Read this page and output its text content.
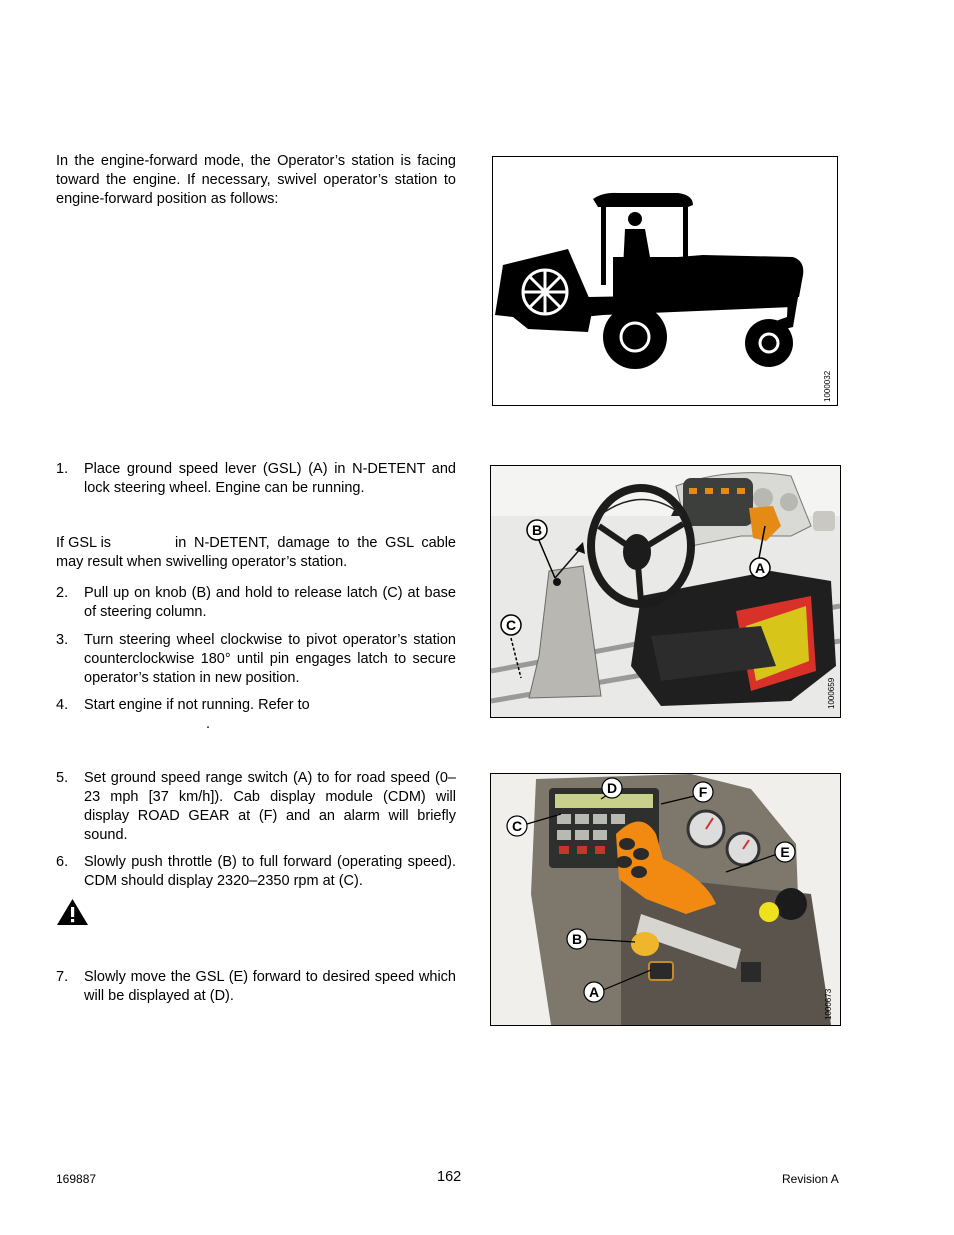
In the engine-forward mode, the Operator’s station is facing toward the engine. If necessary, swivel operator’s station to engine-forward position as follows:
1000032
1. Place ground speed lever (GSL) (A) in N-DETENT and lock steering wheel. Engine can be running.
If GSL is	in N-DETENT, damage to the GSL cable may result when swivelling operator’s station.
2. Pull up on knob (B) and hold to release latch (C) at base of steering column.
3. Turn steering wheel clockwise to pivot operator’s station counterclockwise 180° until pin engages latch to secure operator’s station in new position.
4. Start engine if not running. Refer to
.
B
A
C
1000659
5. Set ground speed range switch (A) to for road speed (0–23 mph [37 km/h]). Cab display module (CDM) will display ROAD GEAR at (F) and an alarm will briefly sound.
6. Slowly push throttle (B) to full forward (operating speed). CDM should display 2320–2350 rpm at (C).
7. Slowly move the GSL (E) forward to desired speed which will be displayed at (D).
D	F
C
E
B
A	1000673
169887	162	Revision A
